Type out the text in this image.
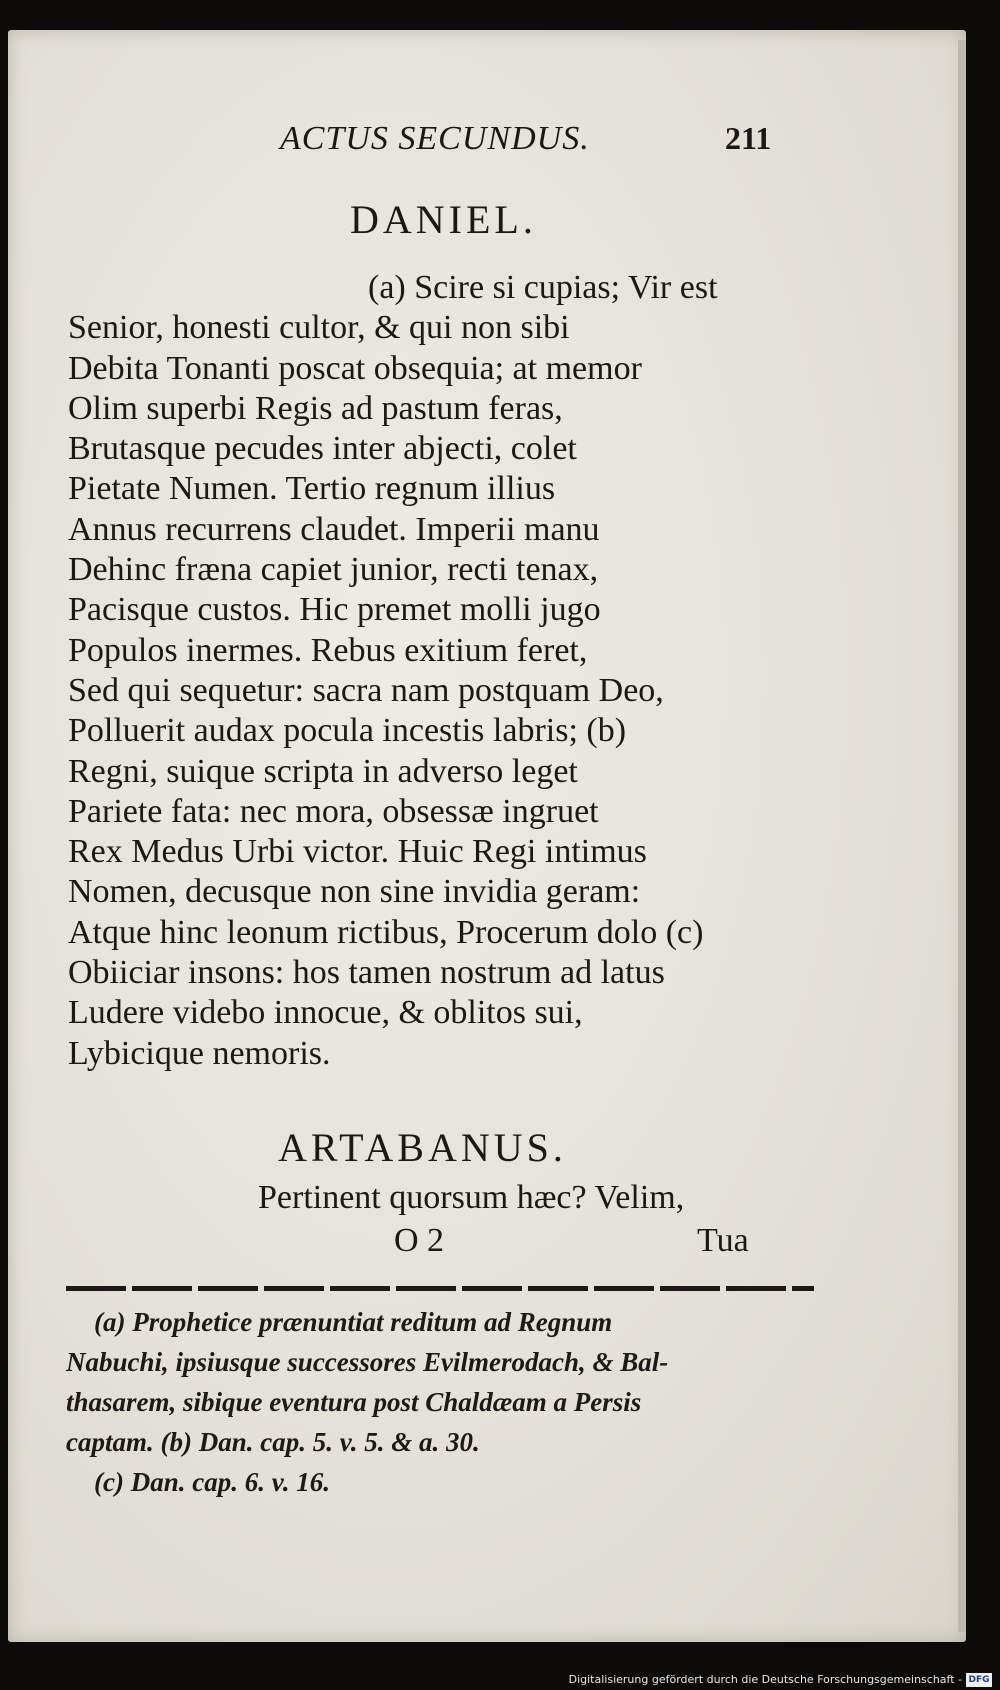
ACTUS SECUNDUS.	211
DANIEL.
(a) Scire si cupias; Vir est
Senior, honesti cultor, & qui non sibi
Debita Tonanti poscat obsequia; at memor
Olim superbi Regis ad pastum feras,
Brutasque pecudes inter abjecti, colet
Pietate Numen. Tertio regnum illius
Annus recurrens claudet. Imperii manu
Dehinc fræna capiet junior, recti tenax,
Pacisque custos. Hic premet molli jugo
Populos inermes. Rebus exitium feret,
Sed qui sequetur: sacra nam postquam Deo,
Polluerit audax pocula incestis labris; (b)
Regni, suique scripta in adverso leget
Pariete fata: nec mora, obsessæ ingruet
Rex Medus Urbi victor. Huic Regi intimus
Nomen, decusque non sine invidia geram:
Atque hinc leonum rictibus, Procerum dolo (c)
Obiiciar insons: hos tamen nostrum ad latus
Ludere videbo innocue, & oblitos sui,
Lybicique nemoris.
ARTABANUS.
Pertinent quorsum hæc? Velim,
O 2	Tua
(a) Prophetice prænuntiat reditum ad Regnum
Nabuchi, ipsiusque successores Evilmerodach, & Bal-
thasarem, sibique eventura post Chaldæam a Persis
captam. (b) Dan. cap. 5. v. 5. & a. 30.
(c) Dan. cap. 6. v. 16.
Digitalisierung gefördert durch die Deutsche Forschungsgemeinschaft - DFG
